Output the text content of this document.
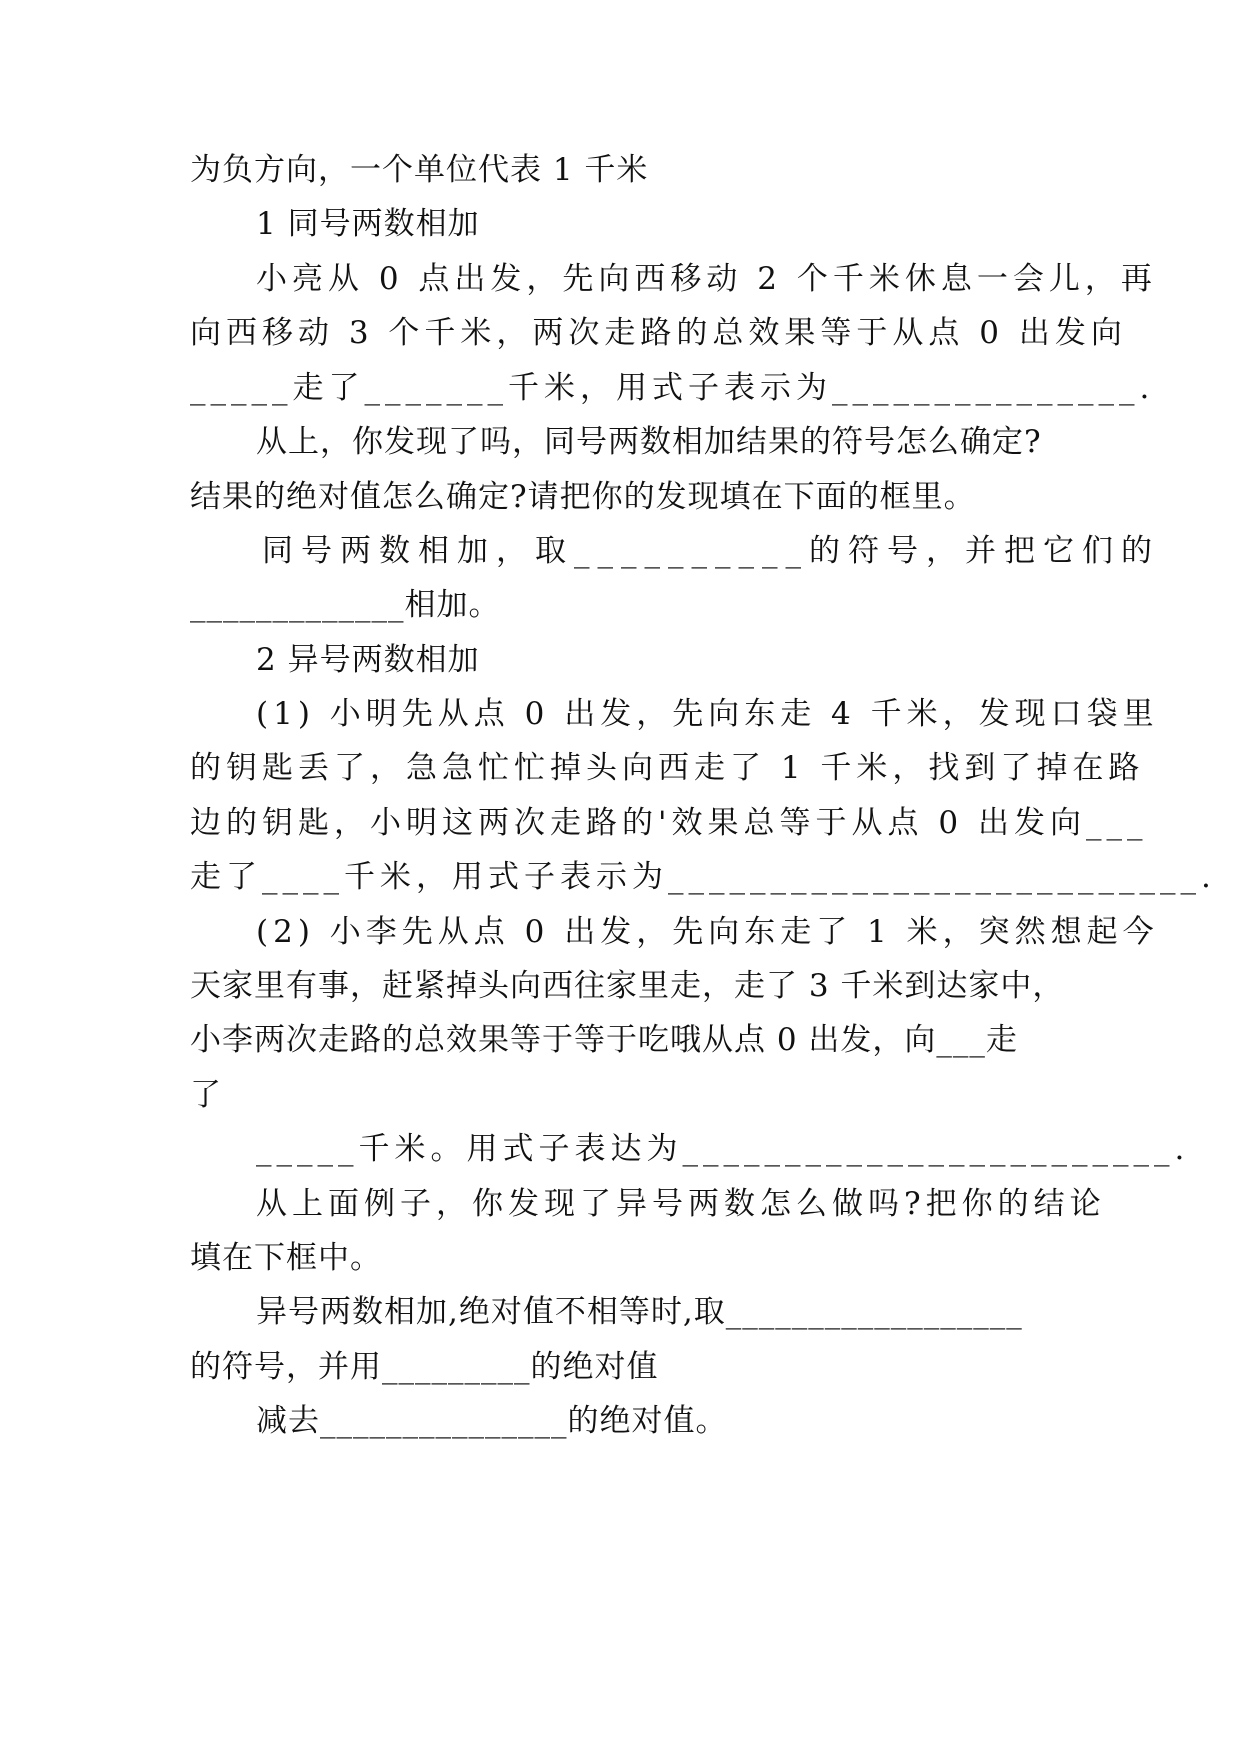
为负方向，一个单位代表 1 千米
1 同号两数相加
小亮从 0 点出发，先向西移动 2 个千米休息一会儿，再
向西移动 3 个千米，两次走路的总效果等于从点 0 出发向
_____走了_______千米，用式子表示为_______________.
从上，你发现了吗，同号两数相加结果的符号怎么确定?
结果的绝对值怎么确定?请把你的发现填在下面的框里。
同号两数相加，取__________的符号，并把它们的
_____________相加。
2 异号两数相加
(1) 小明先从点 0 出发，先向东走 4 千米，发现口袋里
的钥匙丢了，急急忙忙掉头向西走了 1 千米，找到了掉在路
边的钥匙，小明这两次走路的'效果总等于从点 0 出发向___
走了____千米，用式子表示为__________________________.
(2) 小李先从点 0 出发，先向东走了 1 米，突然想起今
天家里有事，赶紧掉头向西往家里走，走了 3 千米到达家中，
小李两次走路的总效果等于等于吃哦从点 0 出发，向___走
了
_____千米。用式子表达为________________________.
从上面例子，你发现了异号两数怎么做吗?把你的结论
填在下框中。
异号两数相加,绝对值不相等时,取__________________
的符号，并用_________的绝对值
减去_______________的绝对值。
